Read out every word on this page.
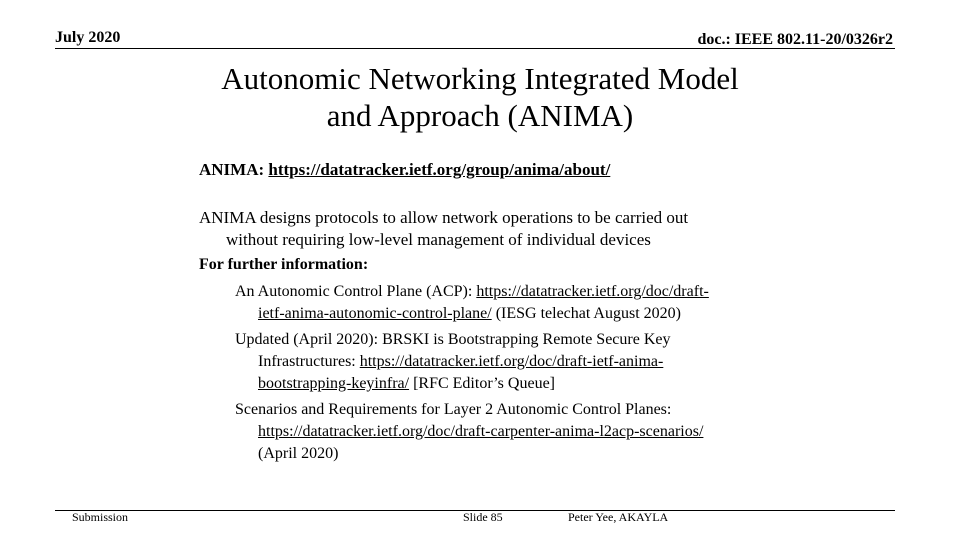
July 2020	doc.: IEEE 802.11-20/0326r2
Autonomic Networking Integrated Model
and Approach (ANIMA)
ANIMA: https://datatracker.ietf.org/group/anima/about/
ANIMA designs protocols to allow network operations to be carried out
without requiring low-level management of individual devices
For further information:
An Autonomic Control Plane (ACP): https://datatracker.ietf.org/doc/draft-
ietf-anima-autonomic-control-plane/ (IESG telechat August 2020)
Updated (April 2020): BRSKI is Bootstrapping Remote Secure Key
Infrastructures: https://datatracker.ietf.org/doc/draft-ietf-anima-
bootstrapping-keyinfra/ [RFC Editor’s Queue]
Scenarios and Requirements for Layer 2 Autonomic Control Planes:
https://datatracker.ietf.org/doc/draft-carpenter-anima-l2acp-scenarios/
(April 2020)
Submission	Slide 85	Peter Yee, AKAYLA
